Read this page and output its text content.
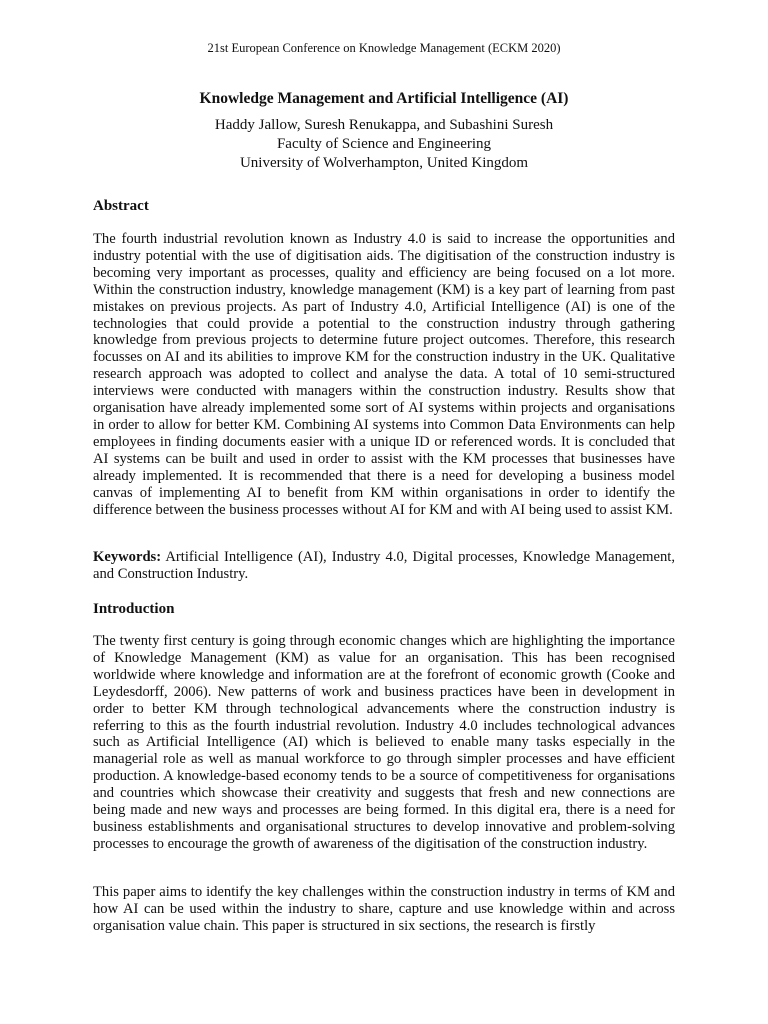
21st European Conference on Knowledge Management (ECKM 2020)

Knowledge Management and Artificial Intelligence (AI)

Haddy Jallow, Suresh Renukappa, and Subashini Suresh

Faculty of Science and Engineering

University of Wolverhampton, United Kingdom

Abstract

The fourth industrial revolution known as Industry 4.0 is said to increase the opportunities and industry potential with the use of digitisation aids. The digitisation of the construction industry is becoming very important as processes, quality and efficiency are being focused on a lot more. Within the construction industry, knowledge management (KM) is a key part of learning from past mistakes on previous projects. As part of Industry 4.0, Artificial Intelligence (AI) is one of the technologies that could provide a potential to the construction industry through gathering knowledge from previous projects to determine future project outcomes. Therefore, this research focusses on AI and its abilities to improve KM for the construction industry in the UK. Qualitative research approach was adopted to collect and analyse the data. A total of 10 semi-structured interviews were conducted with managers within the construction industry. Results show that organisation have already implemented some sort of AI systems within projects and organisations in order to allow for better KM. Combining AI systems into Common Data Environments can help employees in finding documents easier with a unique ID or referenced words. It is concluded that AI systems can be built and used in order to assist with the KM processes that businesses have already implemented. It is recommended that there is a need for developing a business model canvas of implementing AI to benefit from KM within organisations in order to identify the difference between the business processes without AI for KM and with AI being used to assist KM.

Keywords: Artificial Intelligence (AI), Industry 4.0, Digital processes, Knowledge Management, and Construction Industry.

Introduction

The twenty first century is going through economic changes which are highlighting the importance of Knowledge Management (KM) as value for an organisation. This has been recognised worldwide where knowledge and information are at the forefront of economic growth (Cooke and Leydesdorff, 2006). New patterns of work and business practices have been in development in order to better KM through technological advancements where the construction industry is referring to this as the fourth industrial revolution. Industry 4.0 includes technological advances such as Artificial Intelligence (AI) which is believed to enable many tasks especially in the managerial role as well as manual workforce to go through simpler processes and have efficient production. A knowledge-based economy tends to be a source of competitiveness for organisations and countries which showcase their creativity and suggests that fresh and new connections are being made and new ways and processes are being formed. In this digital era, there is a need for business establishments and organisational structures to develop innovative and problem-solving processes to encourage the growth of awareness of the digitisation of the construction industry.

This paper aims to identify the key challenges within the construction industry in terms of KM and how AI can be used within the industry to share, capture and use knowledge within and across organisation value chain. This paper is structured in six sections, the research is firstly
